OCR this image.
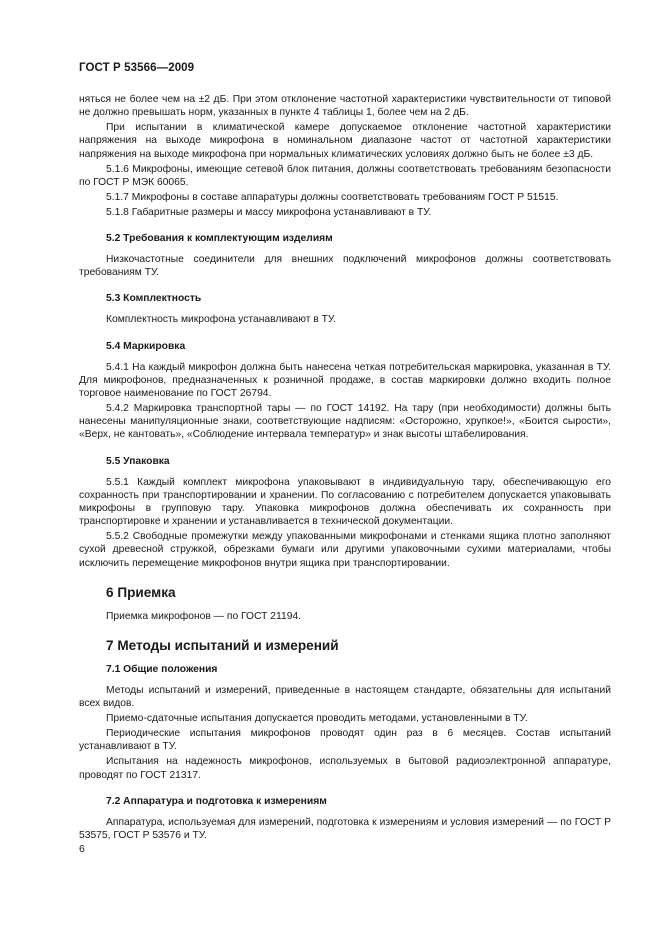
ГОСТ Р 53566—2009

няться не более чем на ±2 дБ. При этом отклонение частотной характеристики чувствительности от типовой не должно превышать норм, указанных в пункте 4 таблицы 1, более чем на 2 дБ.

При испытании в климатической камере допускаемое отклонение частотной характеристики напряжения на выходе микрофона в номинальном диапазоне частот от частотной характеристики напряжения на выходе микрофона при нормальных климатических условиях должно быть не более ±3 дБ.

5.1.6 Микрофоны, имеющие сетевой блок питания, должны соответствовать требованиям безопасности по ГОСТ Р МЭК 60065.

5.1.7 Микрофоны в составе аппаратуры должны соответствовать требованиям ГОСТ Р 51515.

5.1.8 Габаритные размеры и массу микрофона устанавливают в ТУ.

5.2 Требования к комплектующим изделиям

Низкочастотные соединители для внешних подключений микрофонов должны соответствовать требованиям ТУ.

5.3 Комплектность

Комплектность микрофона устанавливают в ТУ.

5.4 Маркировка

5.4.1 На каждый микрофон должна быть нанесена четкая потребительская маркировка, указанная в ТУ. Для микрофонов, предназначенных к розничной продаже, в состав маркировки должно входить полное торговое наименование по ГОСТ 26794.

5.4.2 Маркировка транспортной тары — по ГОСТ 14192. На тару (при необходимости) должны быть нанесены манипуляционные знаки, соответствующие надписям: «Осторожно, хрупкое!», «Боится сырости», «Верх, не кантовать», «Соблюдение интервала температур» и знак высоты штабелирования.

5.5 Упаковка

5.5.1 Каждый комплект микрофона упаковывают в индивидуальную тару, обеспечивающую его сохранность при транспортировании и хранении. По согласованию с потребителем допускается упаковывать микрофоны в групповую тару. Упаковка микрофонов должна обеспечивать их сохранность при транспортировке и хранении и устанавливается в технической документации.

5.5.2 Свободные промежутки между упакованными микрофонами и стенками ящика плотно заполняют сухой древесной стружкой, обрезками бумаги или другими упаковочными сухими материалами, чтобы исключить перемещение микрофонов внутри ящика при транспортировании.

6 Приемка

Приемка микрофонов — по ГОСТ 21194.

7 Методы испытаний и измерений
7.1 Общие положения

Методы испытаний и измерений, приведенные в настоящем стандарте, обязательны для испытаний всех видов.

Приемо-сдаточные испытания допускается проводить методами, установленными в ТУ.

Периодические испытания микрофонов проводят один раз в 6 месяцев. Состав испытаний устанавливают в ТУ.

Испытания на надежность микрофонов, используемых в бытовой радиоэлектронной аппаратуре, проводят по ГОСТ 21317.

7.2 Аппаратура и подготовка к измерениям

Аппаратура, используемая для измерений, подготовка к измерениям и условия измерений — по ГОСТ Р 53575, ГОСТ Р 53576 и ТУ.

6
